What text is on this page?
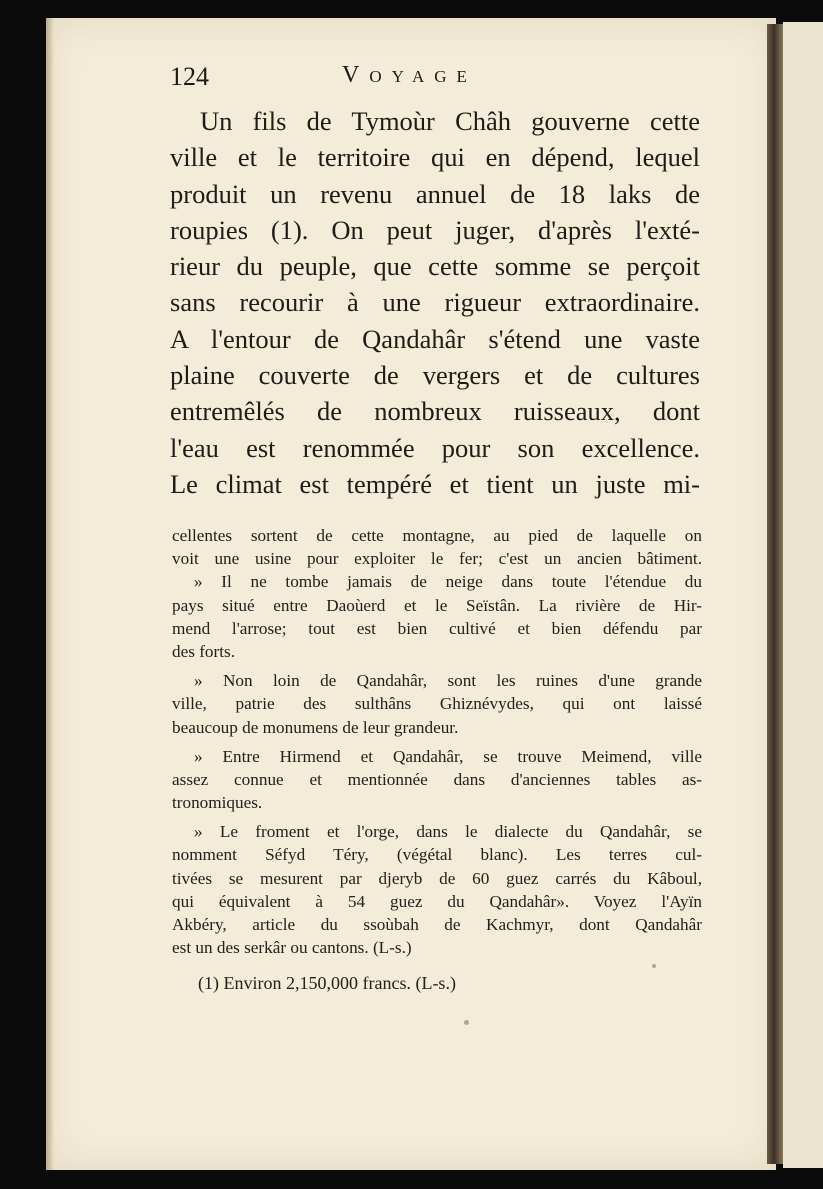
124	Voyage
Un fils de Tymoùr Châh gouverne cette
ville et le territoire qui en dépend, lequel
produit un revenu annuel de 18 laks de
roupies (1). On peut juger, d'après l'exté-
rieur du peuple, que cette somme se perçoit
sans recourir à une rigueur extraordinaire.
A l'entour de Qandahâr s'étend une vaste
plaine couverte de vergers et de cultures
entremêlés de nombreux ruisseaux, dont
l'eau est renommée pour son excellence.
Le climat est tempéré et tient un juste mi-
cellentes sortent de cette montagne, au pied de laquelle on
voit une usine pour exploiter le fer; c'est un ancien bâtiment.
» Il ne tombe jamais de neige dans toute l'étendue du
pays situé entre Daoùerd et le Seïstân. La rivière de Hir-
mend l'arrose; tout est bien cultivé et bien défendu par
des forts.
» Non loin de Qandahâr, sont les ruines d'une grande
ville, patrie des sulthâns Ghiznévydes, qui ont laissé
beaucoup de monumens de leur grandeur.
» Entre Hirmend et Qandahâr, se trouve Meimend, ville
assez connue et mentionnée dans d'anciennes tables as-
tronomiques.
» Le froment et l'orge, dans le dialecte du Qandahâr, se
nomment Séfyd Téry, (végétal blanc). Les terres cul-
tivées se mesurent par djeryb de 60 guez carrés du Kâboul,
qui équivalent à 54 guez du Qandahâr». Voyez l'Ayïn
Akbéry, article du ssoùbah de Kachmyr, dont Qandahâr
est un des serkâr ou cantons. (L-s.)
(1) Environ 2,150,000 francs. (L-s.)
